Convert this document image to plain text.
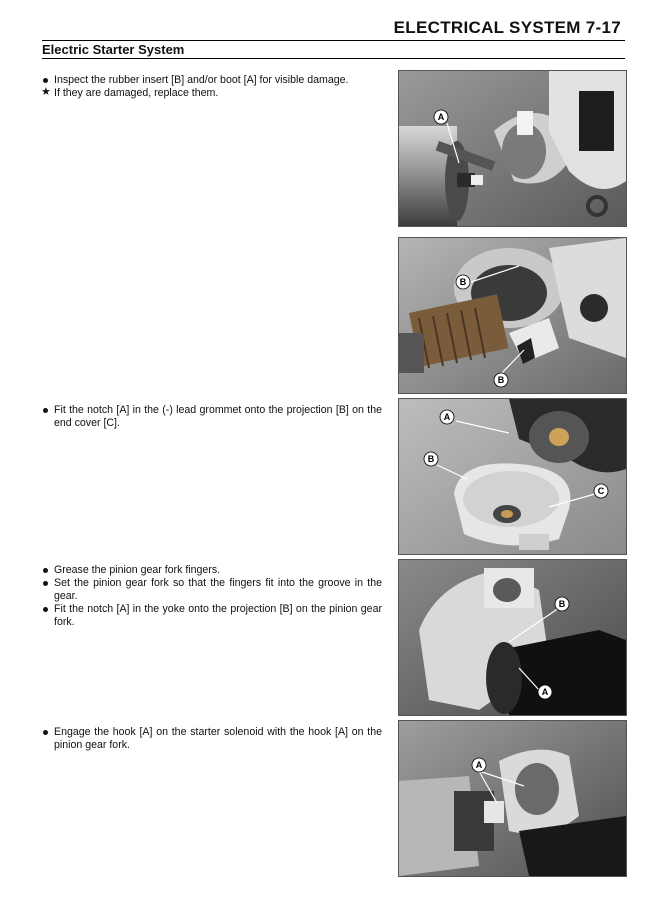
ELECTRICAL SYSTEM 7-17
Electric Starter System
Inspect the rubber insert [B] and/or boot [A] for visible damage.
★ If they are damaged, replace them.
Fit the notch [A] in the (-) lead grommet onto the projection [B] on the end cover [C].
Grease the pinion gear fork fingers.
Set the pinion gear fork so that the fingers fit into the groove in the gear.
Fit the notch [A] in the yoke onto the projection [B] on the pinion gear fork.
Engage the hook [A] on the starter solenoid with the hook [A] on the pinion gear fork.
A
B
B
A
B
C
B
A
A
